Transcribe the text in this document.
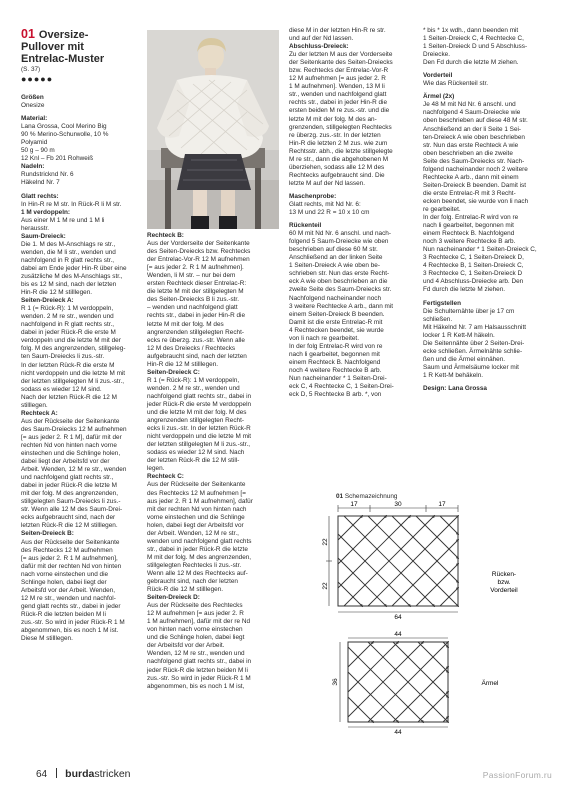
01 Oversize-
Pullover mit
Entrelac-Muster
(S. 37)
●●●●●

Größen

Onesize

Material:

Lana Grossa, Cool Merino Big

90 % Merino-Schurwolle, 10 %

Polyamid

50 g – 90 m

12 Knl – Fb 201 Rohweiß

Nadeln:

Rundstricknd Nr. 6

Häkelnd Nr. 7

Glatt rechts:

In Hin-R re M str. In Rück-R li M str.

1 M verdoppeln:

Aus einer M 1 M re und 1 M li

herausstr.

Saum-Dreieck:

Die 1. M des M-Anschlags re str.,

wenden, die M li str., wenden und

nachfolgend in R glatt rechts str.,

dabei am Ende jeder Hin-R über eine

zusätzliche M des M-Anschlags str.,

bis es 12 M sind, nach der letzten

Hin-R die 12 M stilllegen.

Seiten-Dreieck A:

R 1 (= Rück-R): 1 M verdoppeln,

wenden. 2 M re str., wenden und

nachfolgend in R glatt rechts str.,

dabei in jeder Rück-R die erste M

verdoppeln und die letzte M mit der

folg. M des angrenzenden, stillgeleg-

ten Saum-Dreiecks li zus.-str.

In der letzten Rück-R die erste M

nicht verdoppeln und die letzte M mit

der letzten stillgelegten M li zus.-str.,

sodass es wieder 12 M sind.

Nach der letzten Rück-R die 12 M

stilllegen.

Rechteck A:

Aus der Rückseite der Seitenkante

des Saum-Dreiecks 12 M aufnehmen

[= aus jeder 2. R 1 M], dafür mit der

rechten Nd von hinten nach vorne

einstechen und die Schlinge holen,

dabei liegt der Arbeitsfd vor der

Arbeit. Wenden, 12 M re str., wenden

und nachfolgend glatt rechts str.,

dabei in jeder Rück-R die letzte M

mit der folg. M des angrenzenden,

stillgelegten Saum-Dreiecks li zus.-

str. Wenn alle 12 M des Saum-Drei-

ecks aufgebraucht sind, nach der

letzten Rück-R die 12 M stilllegen.

Seiten-Dreieck B:

Aus der Rückseite der Seitenkante

des Rechtecks 12 M aufnehmen

[= aus jeder 2. R 1 M aufnehmen],

dafür mit der rechten Nd von hinten

nach vorne einstechen und die

Schlinge holen, dabei liegt der

Arbeitsfd vor der Arbeit. Wenden,

12 M re str., wenden und nachfol-

gend glatt rechts str., dabei in jeder

Rück-R die letzten beiden M li

zus.-str. So wird in jeder Rück-R 1 M

abgenommen, bis es noch 1 M ist.

Diese M stilllegen.

Rechteck B:

Aus der Vorderseite der Seitenkante

des Seiten-Dreiecks bzw. Rechtecks

der Entrelac-Vor-R 12 M aufnehmen

[= aus jeder 2. R 1 M aufnehmen].

Wenden, li M str. – nur bei dem

ersten Rechteck dieser Entrelac-R:

die letzte M mit der stillgelegten M

des Seiten-Dreiecks B li zus.-str.

– wenden und nachfolgend glatt

rechts str., dabei in jeder Hin-R die

letzte M mit der folg. M des

angrenzenden stillgelegten Recht-

ecks re überzg. zus.-str. Wenn alle

12 M des Dreiecks / Rechtecks

aufgebraucht sind, nach der letzten

Hin-R die 12 M stilllegen.

Seiten-Dreieck C:

R 1 (= Rück-R): 1 M verdoppeln,

wenden. 2 M re str., wenden und

nachfolgend glatt rechts str., dabei in

jeder Rück-R die erste M verdoppeln

und die letzte M mit der folg. M des

angrenzenden stillgelegten Recht-

ecks li zus.-str. In der letzten Rück-R

nicht verdoppeln und die letzte M mit

der letzten stillgelegten M li zus.-str.,

sodass es wieder 12 M sind. Nach

der letzten Rück-R die 12 M still-

legen.

Rechteck C:

Aus der Rückseite der Seitenkante

des Rechtecks 12 M aufnehmen [=

aus jeder 2. R 1 M aufnehmen], dafür

mit der rechten Nd von hinten nach

vorne einstechen und die Schlinge

holen, dabei liegt der Arbeitsfd vor

der Arbeit. Wenden, 12 M re str.,

wenden und nachfolgend glatt rechts

str., dabei in jeder Rück-R die letzte

M mit der folg. M des angrenzenden,

stillgelegten Rechtecks li zus.-str.

Wenn alle 12 M des Rechtecks auf-

gebraucht sind, nach der letzten

Rück-R die 12 M stilllegen.

Seiten-Dreieck D:

Aus der Rückseite des Rechtecks

12 M aufnehmen [= aus jeder 2. R

1 M aufnehmen], dafür mit der re Nd

von hinten nach vorne einstechen

und die Schlinge holen, dabei liegt

der Arbeitsfd vor der Arbeit.

Wenden, 12 M re str., wenden und

nachfolgend glatt rechts str., dabei in

jeder Rück-R die letzten beiden M li

zus.-str. So wird in jeder Rück-R 1 M

abgenommen, bis es noch 1 M ist,

diese M in der letzten Hin-R re str.

und auf der Nd lassen.

Abschluss-Dreieck:

Zu der letzten M aus der Vorderseite

der Seitenkante des Seiten-Dreiecks

bzw. Rechtecks der Entrelac-Vor-R

12 M aufnehmen [= aus jeder 2. R

1 M aufnehmen]. Wenden, 13 M li

str., wenden und nachfolgend glatt

rechts str., dabei in jeder Hin-R die

ersten beiden M re zus.-str. und die

letzte M mit der folg. M des an-

grenzenden, stillgelegten Rechtecks

re überzg. zus.-str. In der letzten

Hin-R die letzten 2 M zus. wie zum

Rechtsstr. abh., die letzte stillgelegte

M re str., dann die abgehobenen M

überziehen, sodass alle 12 M des

Rechtecks aufgebraucht sind. Die

letzte M auf der Nd lassen.

Maschenprobe:

Glatt rechts, mit Nd Nr. 6:

13 M und 22 R = 10 x 10 cm

Rückenteil

60 M mit Nd Nr. 6 anschl. und nach-

folgend 5 Saum-Dreiecke wie oben

beschrieben auf diese 60 M str.

Anschließend an der linken Seite

1 Seiten-Dreieck A wie oben be-

schrieben str. Nun das erste Recht-

eck A wie oben beschrieben an die

zweite Seite des Saum-Dreiecks str.

Nachfolgend nacheinander noch

3 weitere Rechtecke A arb., dann mit

einem Seiten-Dreieck B beenden.

Damit ist die erste Entrelac-R mit

4 Rechtecken beendet, sie wurde

von li nach re gearbeitet.

In der folg Entrelac-R wird von re

nach li gearbeitet, begonnen mit

einem Rechteck B. Nachfolgend

noch 4 weitere Rechtecke B arb.

Nun nacheinander * 1 Seiten-Drei-

eck C, 4 Rechtecke C, 1 Seiten-Drei-

eck D, 5 Rechtecke B arb. *, von

* bis * 1x wdh., dann beenden mit

1 Seiten-Dreieck C, 4 Rechtecke C,

1 Seiten-Dreieck D und 5 Abschluss-

Dreiecke.

Den Fd durch die letzte M ziehen.

Vorderteil

Wie das Rückenteil str.

Ärmel (2x)

Je 48 M mit Nd Nr. 6 anschl. und

nachfolgend 4 Saum-Dreiecke wie

oben beschrieben auf diese 48 M str.

Anschließend an der li Seite 1 Sei-

ten-Dreieck A wie oben beschrieben

str. Nun das erste Rechteck A wie

oben beschrieben an die zweite

Seite des Saum-Dreiecks str. Nach-

folgend nacheinander noch 2 weitere

Rechtecke A arb., dann mit einem

Seiten-Dreieck B beenden. Damit ist

die erste Entrelac-R mit 3 Recht-

ecken beendet, sie wurde von li nach

re gearbeitet.

In der folg. Entrelac-R wird von re

nach li gearbeitet, begonnen mit

einem Rechteck B. Nachfolgend

noch 3 weitere Rechtecke B arb.

Nun nacheinander * 1 Seiten-Dreieck C,

3 Rechtecke C, 1 Seiten-Dreieck D,

4 Rechtecke B, 1 Seiten-Dreieck C,

3 Rechtecke C, 1 Seiten-Dreieck D

und 4 Abschluss-Dreiecke arb. Den

Fd durch die letzte M ziehen.

Fertigstellen

Die Schulternähte über je 17 cm

schließen.

Mit Häkelnd Nr. 7 am Halsausschnitt

locker 1 R Kett-M häkeln.

Die Seitennähte über 2 Seiten-Drei-

ecke schließen. Ärmelnähte schlie-

ßen und die Ärmel einnähen.

Saum und Ärmelsäume locker mit

1 R Kett-M behäkeln.

Design: Lana Grossa

01 Schemazeichnung
17	30	17
22
22
64
Rücken-
bzw.
Vorderteil
44
36
44
Ärmel
64 burdastricken	PassionForum.ru
